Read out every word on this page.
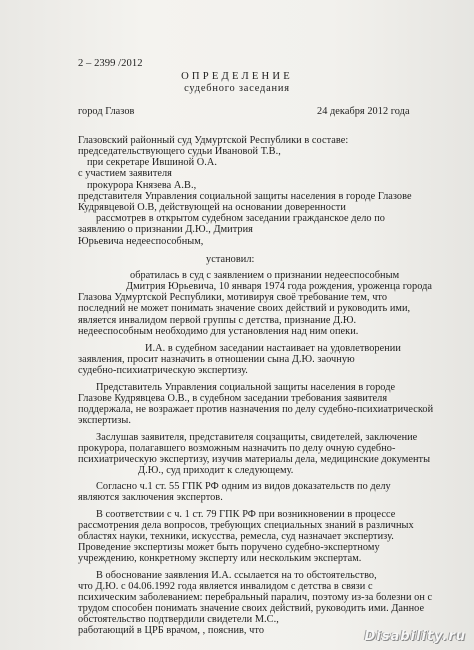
2 – 2399 /2012
ОПРЕДЕЛЕНИЕ
судебного заседания
город Глазов	24 декабря 2012 года
Глазовский районный суд Удмуртской Республики в составе:
председательствующего судьи Ивановой Т.В.,
при секретаре Ившиной О.А.
с участием заявителя
прокурора Князева А.В.,
представителя Управления социальной защиты населения в городе Глазове
Кудрявцевой О.В, действующей на основании доверенности
рассмотрев в открытом судебном заседании гражданское дело по
заявлению о признании Д.Ю., Дмитрия
Юрьевича недееспособным,
установил:
обратилась в суд с заявлением о признании недееспособным
Дмитрия Юрьевича, 10 января 1974 года рождения, уроженца города
Глазова Удмуртской Республики, мотивируя своё требование тем, что
последний не может понимать значение своих действий и руководить ими,
является инвалидом первой группы с детства, признание Д.Ю.
недееспособным необходимо для установления над ним опеки.
И.А. в судебном заседании настаивает на удовлетворении
заявления, просит назначить в отношении сына Д.Ю. заочную
судебно-психиатрическую экспертизу.
Представитель Управления социальной защиты населения в городе
Глазове Кудрявцева О.В., в судебном заседании требования заявителя
поддержала, не возражает против назначения по делу судебно-психиатрической
экспертизы.
Заслушав заявителя, представителя соцзащиты, свидетелей, заключение
прокурора, полагавшего возможным назначить по делу очную судебно-
психиатрическую экспертизу, изучив материалы дела, медицинские документы
Д.Ю., суд приходит к следующему.
Согласно ч.1 ст. 55 ГПК РФ одним из видов доказательств по делу
являются заключения экспертов.
В соответствии с ч. 1 ст. 79 ГПК РФ при возникновении в процессе
рассмотрения дела вопросов, требующих специальных знаний в различных
областях науки, техники, искусства, ремесла, суд назначает экспертизу.
Проведение экспертизы может быть поручено судебно-экспертному
учреждению, конкретному эксперту или нескольким экспертам.
В обоснование заявления И.А. ссылается на то обстоятельство,
что Д.Ю. с 04.06.1992 года является инвалидом с детства в связи с
психическим заболеванием: перебральный паралич, поэтому из-за болезни он с
трудом способен понимать значение своих действий, руководить ими. Данное
обстоятельство подтвердили свидетели М.С.,
работающий в ЦРБ врачом, , пояснив, что	Disability.ru
